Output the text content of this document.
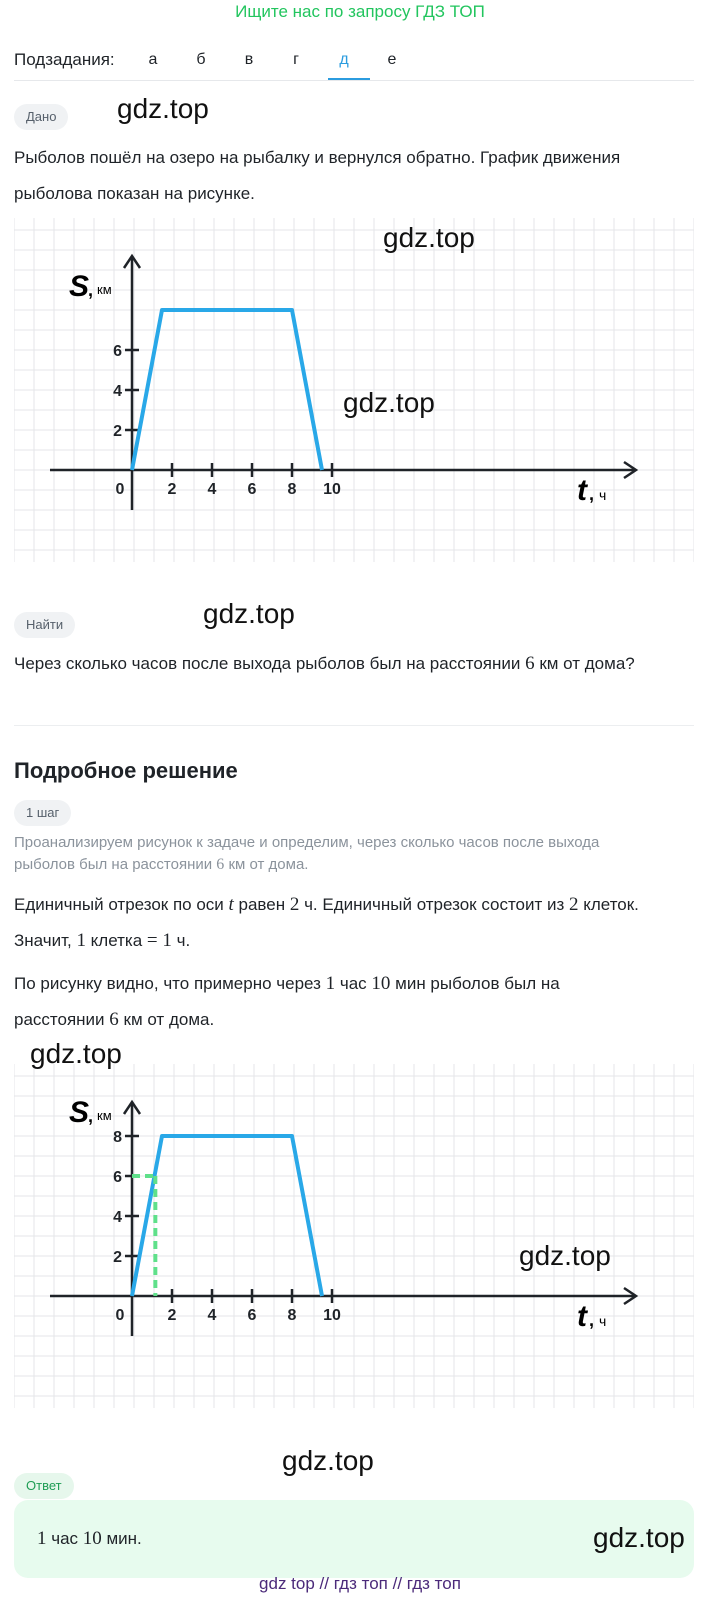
Ищите нас по запросу ГДЗ ТОП
Подзадания:	а	б	в	г	д	е
Дано	gdz.top
Рыболов пошёл на озеро на рыбалку и вернулся обратно. График движения
рыболова показан на рисунке.
0	2 4 6 8 10
2
4
6
S км
,
t , ч
gdz.top
gdz.top
Найти	gdz.top
Через сколько часов после выхода рыболов был на расстоянии 6 км от дома?
Подробное решение
1 шаг
Проанализируем рисунок к задаче и определим, через сколько часов после выхода
рыболов был на расстоянии 6 км от дома.
Единичный отрезок по оси t равен 2 ч. Единичный отрезок состоит из 2 клеток.
Значит, 1 клетка = 1 ч.
По рисунку видно, что примерно через 1 час 10 мин рыболов был на
расстоянии 6 км от дома.
0	2 4 6 8 10
2
4
6
8
S
, км
t , ч
gdz.top
gdz.top
gdz.top
Ответ
1 час 10 мин.	gdz.top
gdz top // гдз топ // гдз топ
